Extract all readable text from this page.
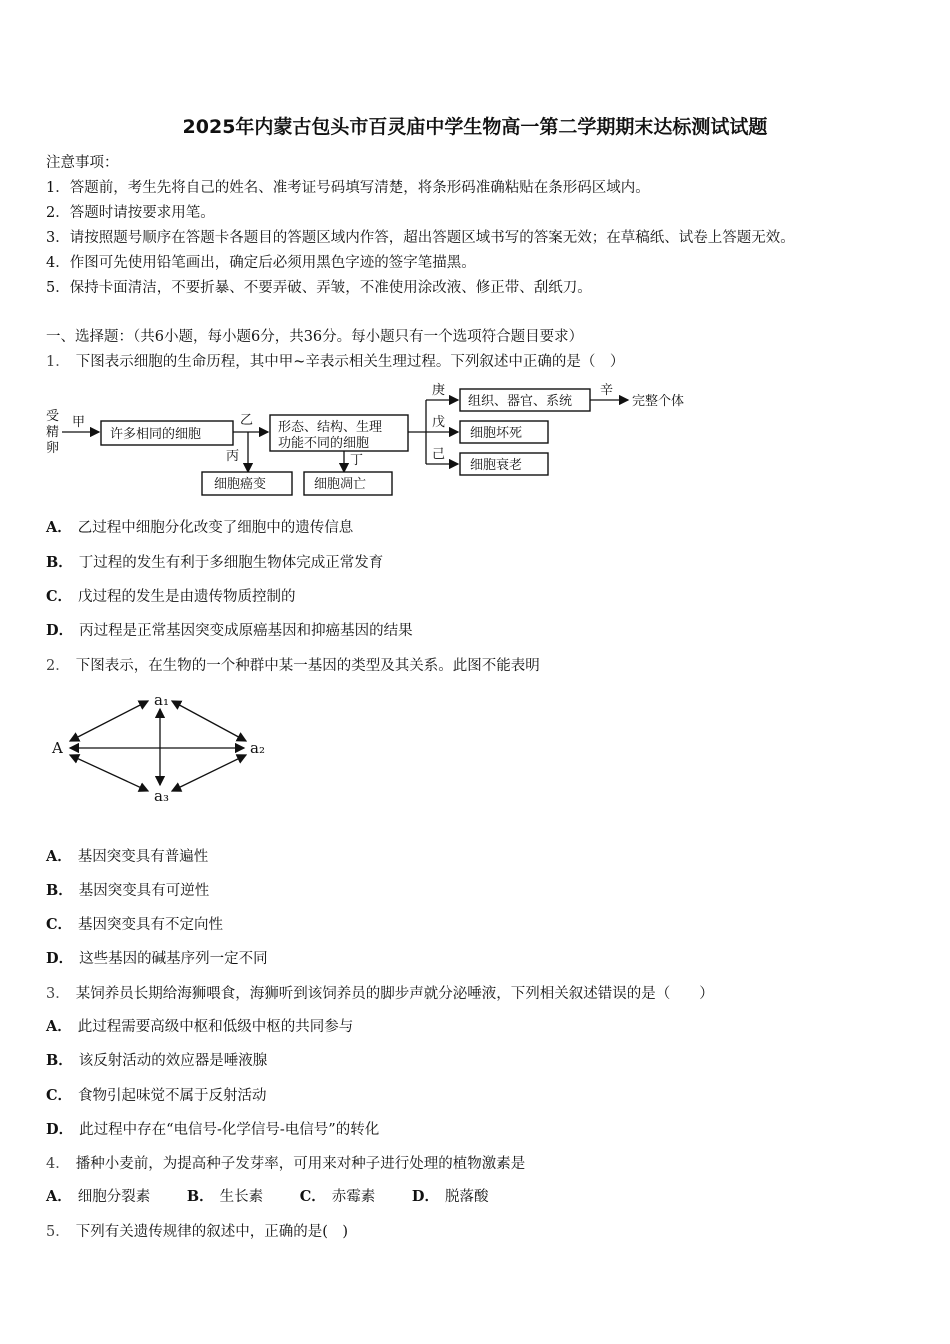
2025年内蒙古包头市百灵庙中学生物高一第二学期期末达标测试试题
注意事项：
1．答题前，考生先将自己的姓名、准考证号码填写清楚，将条形码准确粘贴在条形码区域内。
2．答题时请按要求用笔。
3．请按照题号顺序在答题卡各题目的答题区域内作答，超出答题区域书写的答案无效；在草稿纸、试卷上答题无效。
4．作图可先使用铅笔画出，确定后必须用黑色字迹的签字笔描黑。
5．保持卡面清洁，不要折暴、不要弄破、弄皱，不准使用涂改液、修正带、刮纸刀。
一、选择题：（共6小题，每小题6分，共36分。每小题只有一个选项符合题目要求）
1． 下图表示细胞的生命历程，其中甲~辛表示相关生理过程。下列叙述中正确的是（　）
受
精
卵
甲
许多相同的细胞
乙
丙
细胞癌变
形态、结构、生理
功能不同的细胞
丁
细胞凋亡
庚
戊
己
组织、器官、系统
细胞坏死
细胞衰老
辛
完整个体
A． 乙过程中细胞分化改变了细胞中的遗传信息
B． 丁过程的发生有利于多细胞生物体完成正常发育
C． 戊过程的发生是由遗传物质控制的
D． 丙过程是正常基因突变成原癌基因和抑癌基因的结果
2． 下图表示，在生物的一个种群中某一基因的类型及其关系。此图不能表明
a₁
A	a₂
a₃
A． 基因突变具有普遍性
B． 基因突变具有可逆性
C． 基因突变具有不定向性
D． 这些基因的碱基序列一定不同
3． 某饲养员长期给海狮喂食，海狮听到该饲养员的脚步声就分泌唾液，下列相关叙述错误的是（　　）
A． 此过程需要高级中枢和低级中枢的共同参与
B． 该反射活动的效应器是唾液腺
C． 食物引起味觉不属于反射活动
D． 此过程中存在“电信号-化学信号-电信号”的转化
4． 播种小麦前，为提高种子发芽率，可用来对种子进行处理的植物激素是
A． 细胞分裂素	B． 生长素	C． 赤霉素	D． 脱落酸
5． 下列有关遗传规律的叙述中，正确的是(　)
